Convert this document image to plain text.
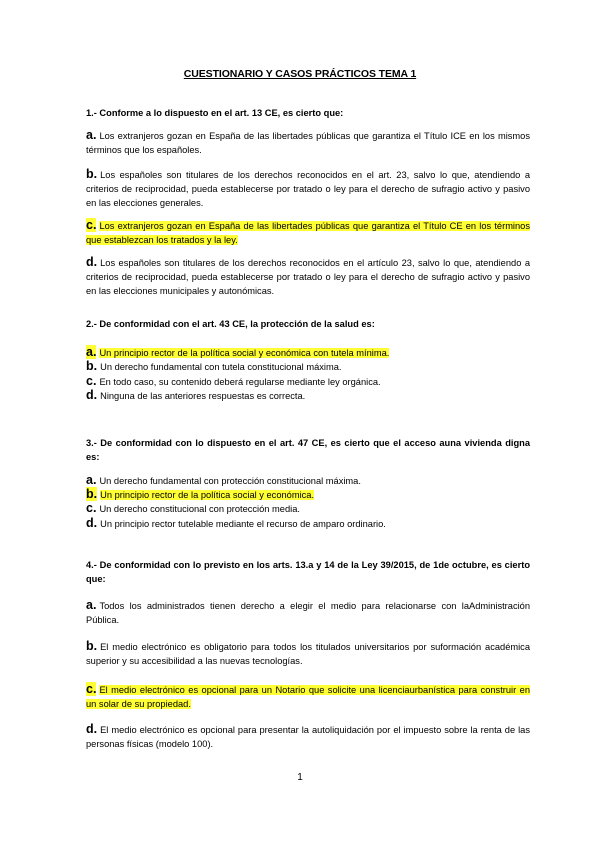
CUESTIONARIO Y CASOS PRÁCTICOS TEMA 1
1.- Conforme a lo dispuesto en el art. 13 CE, es cierto que:
a. Los extranjeros gozan en España de las libertades públicas que garantiza el Título ICE en los mismos términos que los españoles.
b. Los españoles son titulares de los derechos reconocidos en el art. 23, salvo lo que, atendiendo a criterios de reciprocidad, pueda establecerse por tratado o ley para el derecho de sufragio activo y pasivo en las elecciones generales.
c. Los extranjeros gozan en España de las libertades públicas que garantiza el Título CE en los términos que establezcan los tratados y la ley.
d. Los españoles son titulares de los derechos reconocidos en el artículo 23, salvo lo que, atendiendo a criterios de reciprocidad, pueda establecerse por tratado o ley para el derecho de sufragio activo y pasivo en las elecciones municipales y autonómicas.
2.- De conformidad con el art. 43 CE, la protección de la salud es:
a. Un principio rector de la política social y económica con tutela mínima.
b. Un derecho fundamental con tutela constitucional máxima.
c. En todo caso, su contenido deberá regularse mediante ley orgánica.
d. Ninguna de las anteriores respuestas es correcta.
3.- De conformidad con lo dispuesto en el art. 47 CE, es cierto que el acceso auna vivienda digna es:
a. Un derecho fundamental con protección constitucional máxima.
b. Un principio rector de la política social y económica.
c. Un derecho constitucional con protección media.
d. Un principio rector tutelable mediante el recurso de amparo ordinario.
4.- De conformidad con lo previsto en los arts. 13.a y 14 de la Ley 39/2015, de 1de octubre, es cierto que:
a. Todos los administrados tienen derecho a elegir el medio para relacionarse con laAdministración Pública.
b. El medio electrónico es obligatorio para todos los titulados universitarios por suformación académica superior y su accesibilidad a las nuevas tecnologías.
c. El medio electrónico es opcional para un Notario que solicite una licenciaurbanística para construir en un solar de su propiedad.
d. El medio electrónico es opcional para presentar la autoliquidación por el impuesto sobre la renta de las personas físicas (modelo 100).
1
